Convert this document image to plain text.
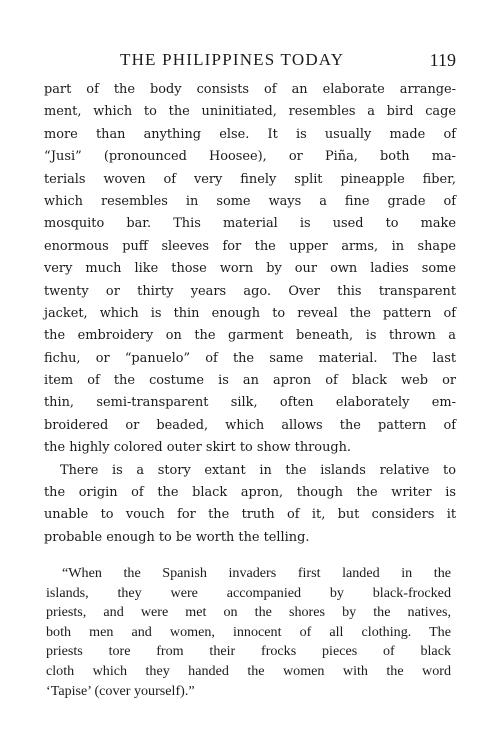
THE PHILIPPINES TODAY	119
part of the body consists of an elaborate arrange-
ment, which to the uninitiated, resembles a bird cage
more than anything else. It is usually made of
“Jusi” (pronounced Hoosee), or Piña, both ma-
terials woven of very finely split pineapple fiber,
which resembles in some ways a fine grade of
mosquito bar. This material is used to make
enormous puff sleeves for the upper arms, in shape
very much like those worn by our own ladies some
twenty or thirty years ago. Over this transparent
jacket, which is thin enough to reveal the pattern of
the embroidery on the garment beneath, is thrown a
fichu, or “panuelo” of the same material. The last
item of the costume is an apron of black web or
thin, semi-transparent silk, often elaborately em-
broidered or beaded, which allows the pattern of
the highly colored outer skirt to show through.
There is a story extant in the islands relative to
the origin of the black apron, though the writer is
unable to vouch for the truth of it, but considers it
probable enough to be worth the telling.
“When the Spanish invaders first landed in the
islands, they were accompanied by black-frocked
priests, and were met on the shores by the natives,
both men and women, innocent of all clothing. The
priests tore from their frocks pieces of black
cloth which they handed the women with the word
‘Tapise’ (cover yourself).”
